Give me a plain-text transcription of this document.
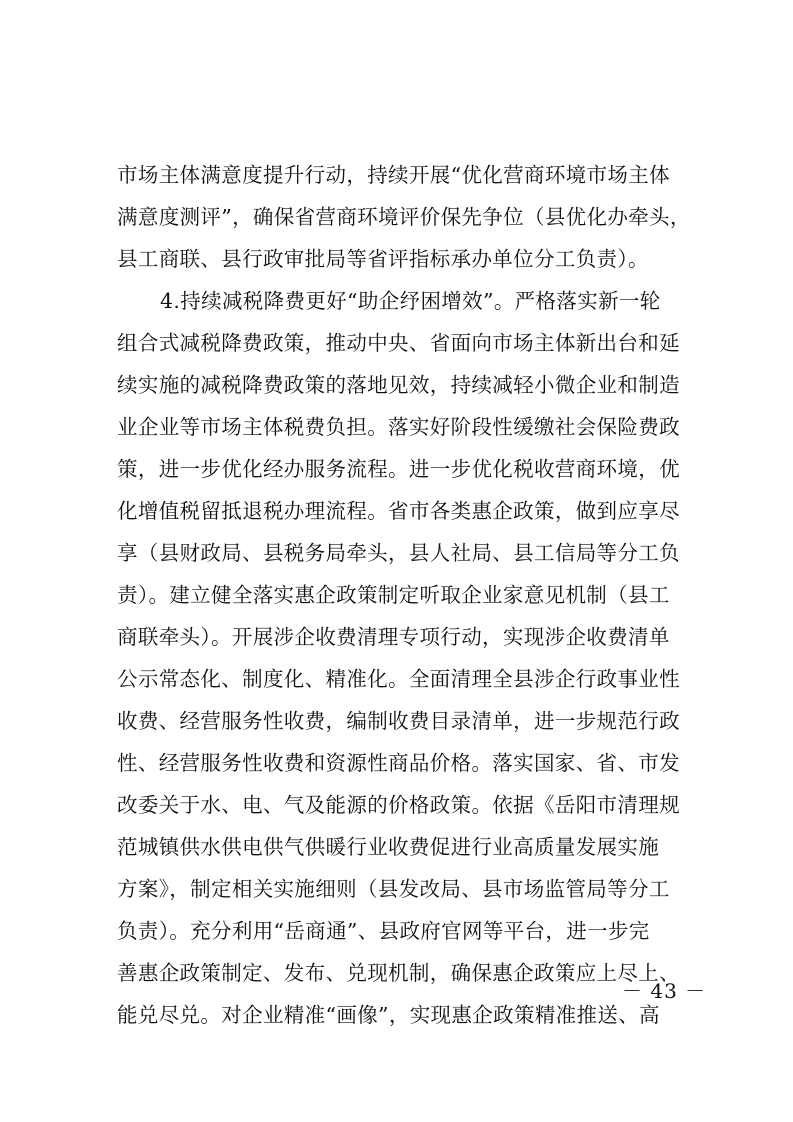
市场主体满意度提升行动，持续开展“优化营商环境市场主体
满意度测评”，确保省营商环境评价保先争位（县优化办牵头，
县工商联、县行政审批局等省评指标承办单位分工负责）。
4.持续减税降费更好“助企纾困增效”。严格落实新一轮
组合式减税降费政策，推动中央、省面向市场主体新出台和延
续实施的减税降费政策的落地见效，持续减轻小微企业和制造
业企业等市场主体税费负担。落实好阶段性缓缴社会保险费政
策，进一步优化经办服务流程。进一步优化税收营商环境，优
化增值税留抵退税办理流程。省市各类惠企政策，做到应享尽
享（县财政局、县税务局牵头，县人社局、县工信局等分工负
责）。建立健全落实惠企政策制定听取企业家意见机制（县工
商联牵头）。开展涉企收费清理专项行动，实现涉企收费清单
公示常态化、制度化、精准化。全面清理全县涉企行政事业性
收费、经营服务性收费，编制收费目录清单，进一步规范行政
性、经营服务性收费和资源性商品价格。落实国家、省、市发
改委关于水、电、气及能源的价格政策。依据《岳阳市清理规
范城镇供水供电供气供暖行业收费促进行业高质量发展实施
方案》，制定相关实施细则（县发改局、县市场监管局等分工
负责）。充分利用“岳商通”、县政府官网等平台，进一步完
善惠企政策制定、发布、兑现机制，确保惠企政策应上尽上、
能兑尽兑。对企业精准“画像”，实现惠企政策精准推送、高
－ 43 －
